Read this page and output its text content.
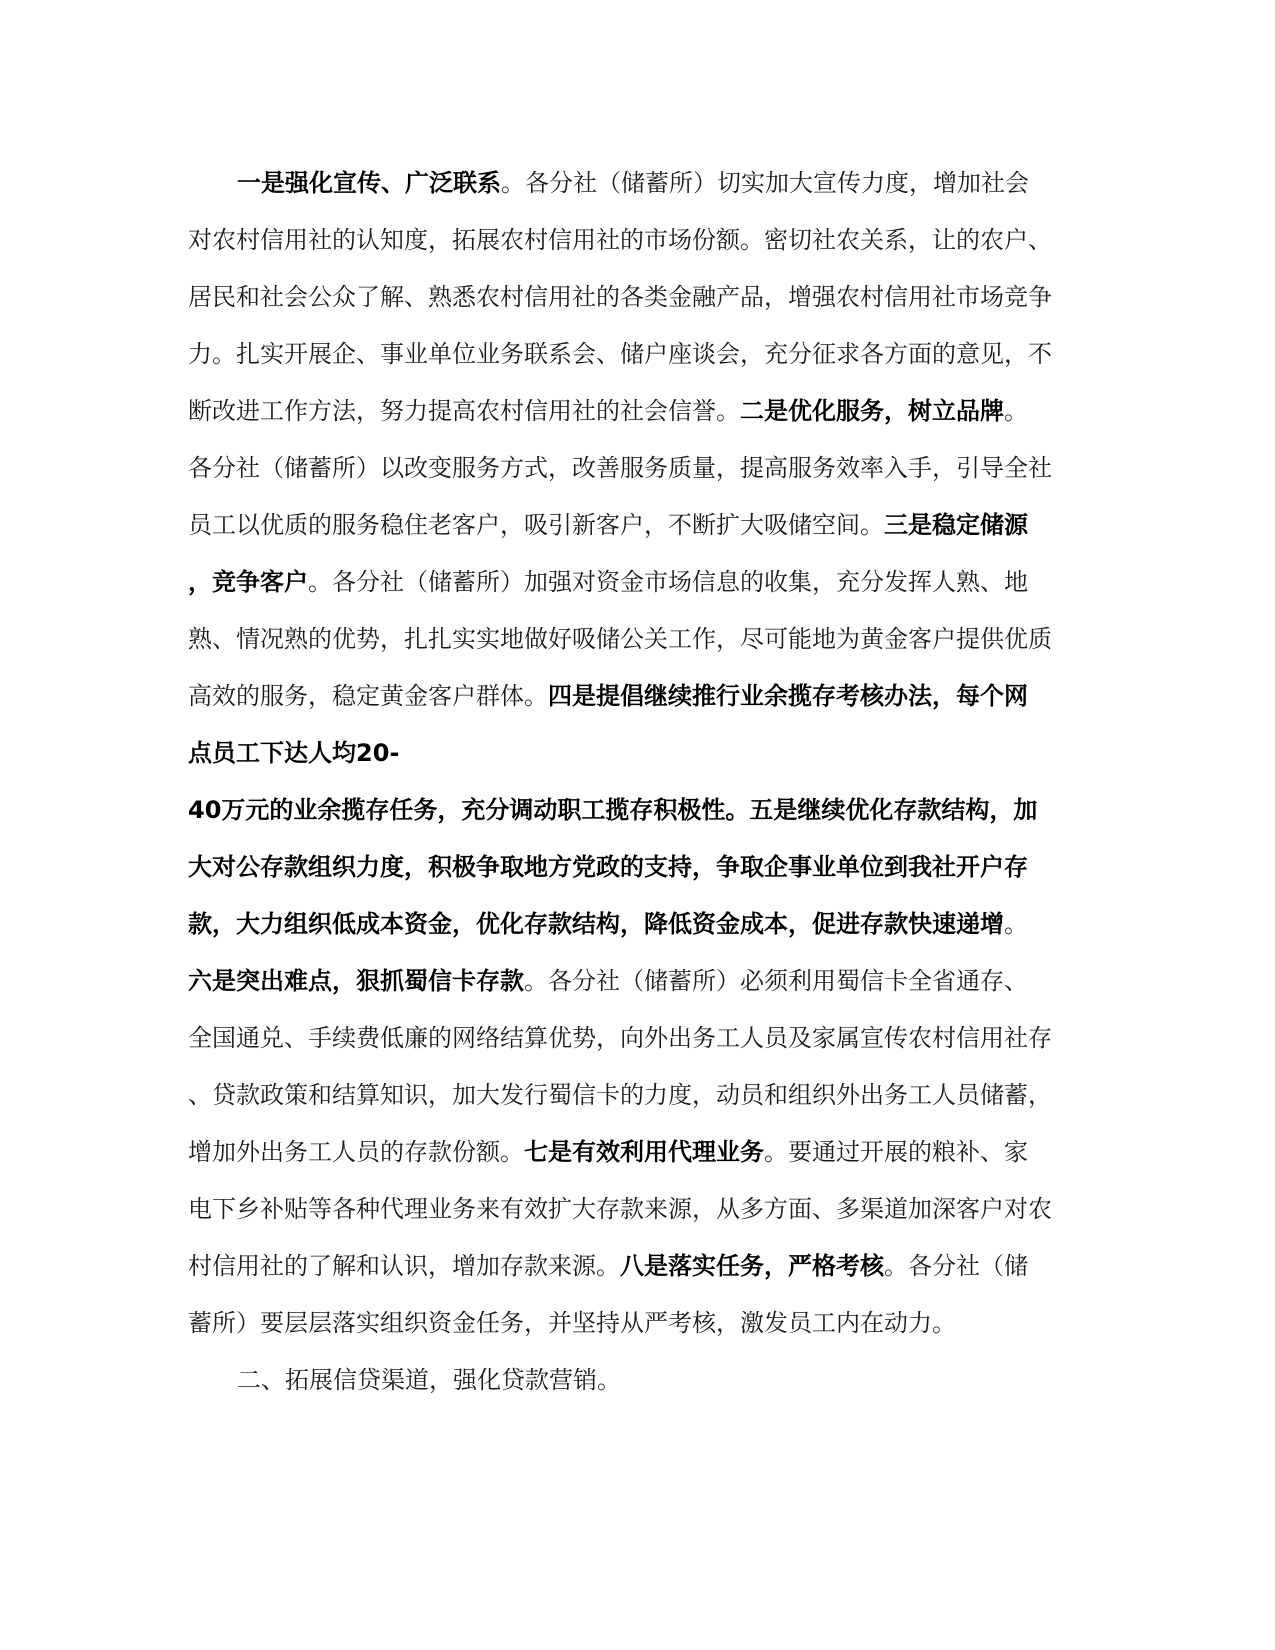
一是强化宣传、广泛联系。各分社（储蓄所）切实加大宣传力度，增加社会
对农村信用社的认知度，拓展农村信用社的市场份额。密切社农关系，让的农户、
居民和社会公众了解、熟悉农村信用社的各类金融产品，增强农村信用社市场竞争
力。扎实开展企、事业单位业务联系会、储户座谈会，充分征求各方面的意见，不
断改进工作方法，努力提高农村信用社的社会信誉。二是优化服务，树立品牌。
各分社（储蓄所）以改变服务方式，改善服务质量，提高服务效率入手，引导全社
员工以优质的服务稳住老客户，吸引新客户，不断扩大吸储空间。三是稳定储源
，竞争客户。各分社（储蓄所）加强对资金市场信息的收集，充分发挥人熟、地
熟、情况熟的优势，扎扎实实地做好吸储公关工作，尽可能地为黄金客户提供优质
高效的服务，稳定黄金客户群体。四是提倡继续推行业余揽存考核办法，每个网
点员工下达人均20-
40万元的业余揽存任务，充分调动职工揽存积极性。五是继续优化存款结构，加
大对公存款组织力度，积极争取地方党政的支持，争取企事业单位到我社开户存
款，大力组织低成本资金，优化存款结构，降低资金成本，促进存款快速递增。
六是突出难点，狠抓蜀信卡存款。各分社（储蓄所）必须利用蜀信卡全省通存、
全国通兑、手续费低廉的网络结算优势，向外出务工人员及家属宣传农村信用社存
、贷款政策和结算知识，加大发行蜀信卡的力度，动员和组织外出务工人员储蓄，
增加外出务工人员的存款份额。七是有效利用代理业务。要通过开展的粮补、家
电下乡补贴等各种代理业务来有效扩大存款来源，从多方面、多渠道加深客户对农
村信用社的了解和认识，增加存款来源。八是落实任务，严格考核。各分社（储
蓄所）要层层落实组织资金任务，并坚持从严考核，激发员工内在动力。
二、拓展信贷渠道，强化贷款营销。
